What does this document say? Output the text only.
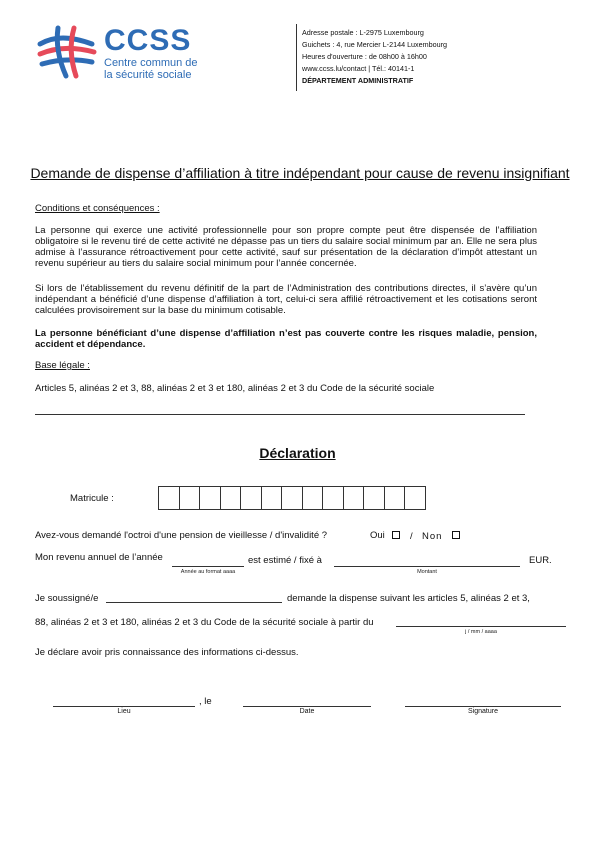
CCSS
Centre commun de
la sécurité sociale
Adresse postale : L-2975 Luxembourg
Guichets : 4, rue Mercier L-2144 Luxembourg
Heures d'ouverture : de 08h00 à 16h00
www.ccss.lu/contact | Tél.: 40141-1
DÉPARTEMENT ADMINISTRATIF
Demande de dispense d’affiliation à titre indépendant pour cause de revenu insignifiant
Conditions et conséquences :
La personne qui exerce une activité professionnelle pour son propre compte peut être dispensée de l’affiliation obligatoire si le revenu tiré de cette activité ne dépasse pas un tiers du salaire social minimum par an. Elle ne sera plus admise à l’assurance rétroactivement pour cette activité, sauf sur présentation de la déclaration d’impôt attestant un revenu supérieur au tiers du salaire social minimum pour l’année concernée.
Si lors de l’établissement du revenu définitif de la part de l’Administration des contributions directes, il s’avère qu’un indépendant a bénéficié d’une dispense d’affiliation à tort, celui-ci sera affilié rétroactivement et les cotisations seront calculées provisoirement sur la base du minimum cotisable.
La personne bénéficiant d’une dispense d’affiliation n’est pas couverte contre les risques maladie, pension, accident et dépendance.
Base légale :
Articles 5, alinéas 2 et 3, 88, alinéas 2 et 3 et 180, alinéas 2 et 3 du Code de la sécurité sociale
Déclaration
Matricule :
Avez-vous demandé l'octroi d'une pension de vieillesse / d'invalidité ?	Oui	/ Non
Mon revenu annuel de l’année
Année au format aaaa
est estimé / fixé à
Montant
EUR.
Je soussigné/e	demande la dispense suivant les articles 5, alinéas 2 et 3,
88, alinéas 2 et 3 et 180, alinéas 2 et 3 du Code de la sécurité sociale à partir du
j / mm / aaaa
Je déclare avoir pris connaissance des informations ci-dessus.
, le
Lieu	Date	Signature
